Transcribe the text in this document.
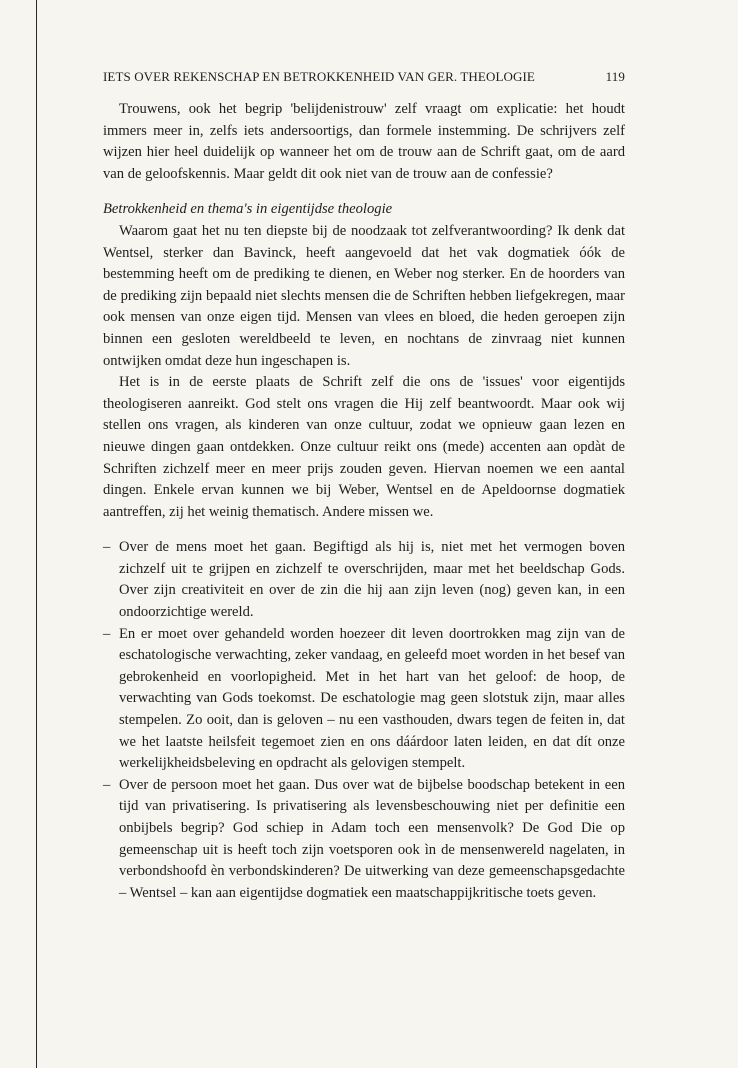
IETS OVER REKENSCHAP EN BETROKKENHEID VAN GER. THEOLOGIE	119

Trouwens, ook het begrip 'belijdenistrouw' zelf vraagt om explicatie: het houdt immers meer in, zelfs iets andersoortigs, dan formele instemming. De schrijvers zelf wijzen hier heel duidelijk op wanneer het om de trouw aan de Schrift gaat, om de aard van de geloofskennis. Maar geldt dit ook niet van de trouw aan de confessie?

Betrokkenheid en thema's in eigentijdse theologie

Waarom gaat het nu ten diepste bij de noodzaak tot zelfverantwoording? Ik denk dat Wentsel, sterker dan Bavinck, heeft aangevoeld dat het vak dogmatiek óók de bestemming heeft om de prediking te dienen, en Weber nog sterker. En de hoorders van de prediking zijn bepaald niet slechts mensen die de Schriften hebben liefgekregen, maar ook mensen van onze eigen tijd. Mensen van vlees en bloed, die heden geroepen zijn binnen een gesloten wereldbeeld te leven, en nochtans de zinvraag niet kunnen ontwijken omdat deze hun ingeschapen is.

Het is in de eerste plaats de Schrift zelf die ons de 'issues' voor eigentijds theologiseren aanreikt. God stelt ons vragen die Hij zelf beantwoordt. Maar ook wij stellen ons vragen, als kinderen van onze cultuur, zodat we opnieuw gaan lezen en nieuwe dingen gaan ontdekken. Onze cultuur reikt ons (mede) accenten aan opdàt de Schriften zichzelf meer en meer prijs zouden geven. Hiervan noemen we een aantal dingen. Enkele ervan kunnen we bij Weber, Wentsel en de Apeldoornse dogmatiek aantreffen, zij het weinig thematisch. Andere missen we.

– Over de mens moet het gaan. Begiftigd als hij is, niet met het vermogen boven zichzelf uit te grijpen en zichzelf te overschrijden, maar met het beeldschap Gods. Over zijn creativiteit en over de zin die hij aan zijn leven (nog) geven kan, in een ondoorzichtige wereld.
– En er moet over gehandeld worden hoezeer dit leven doortrokken mag zijn van de eschatologische verwachting, zeker vandaag, en geleefd moet worden in het besef van gebrokenheid en voorlopigheid. Met in het hart van het geloof: de hoop, de verwachting van Gods toekomst. De eschatologie mag geen slotstuk zijn, maar alles stempelen. Zo ooit, dan is geloven – nu een vasthouden, dwars tegen de feiten in, dat we het laatste heilsfeit tegemoet zien en ons dáárdoor laten leiden, en dat dít onze werkelijkheidsbeleving en opdracht als gelovigen stempelt.
– Over de persoon moet het gaan. Dus over wat de bijbelse boodschap betekent in een tijd van privatisering. Is privatisering als levensbeschouwing niet per definitie een onbijbels begrip? God schiep in Adam toch een mensenvolk? De God Die op gemeenschap uit is heeft toch zijn voetsporen ook ìn de mensenwereld nagelaten, in verbondshoofd èn verbondskinderen? De uitwerking van deze gemeenschapsgedachte – Wentsel – kan aan eigentijdse dogmatiek een maatschappijkritische toets geven.
